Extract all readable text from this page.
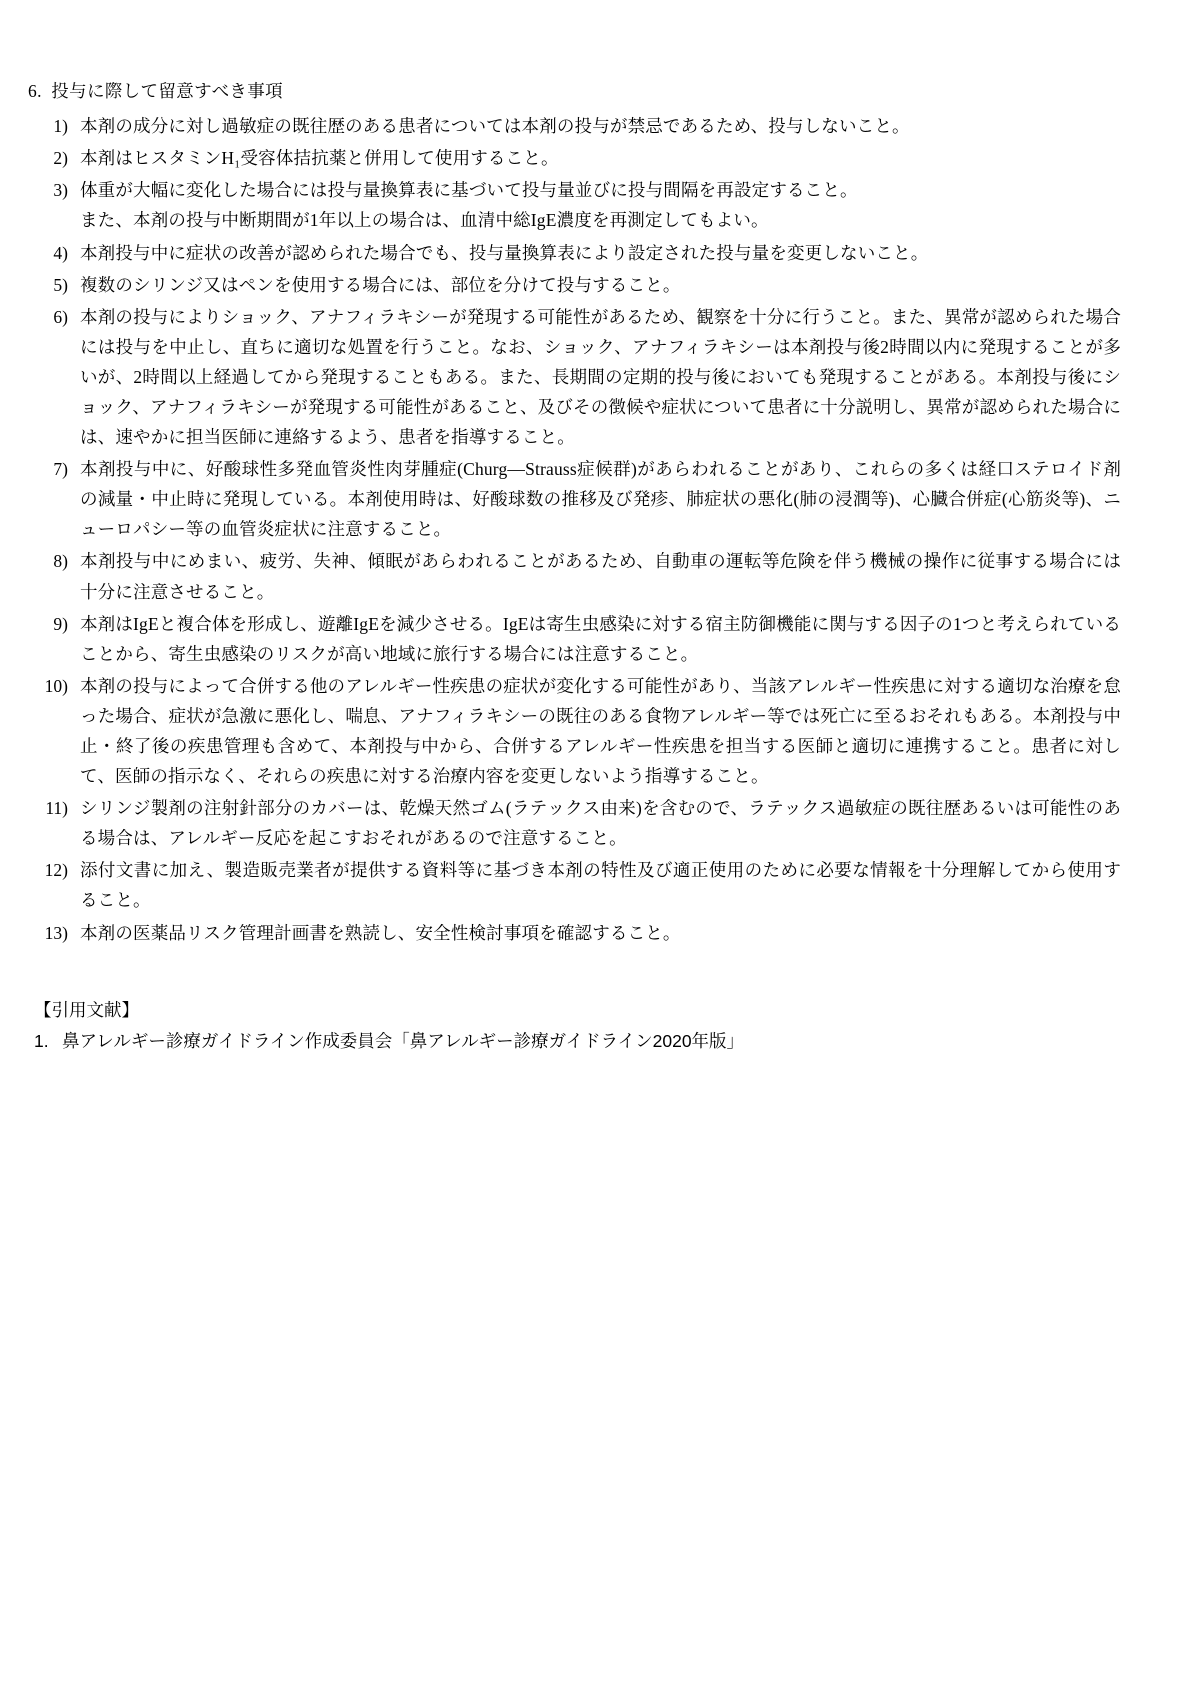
6. 投与に際して留意すべき事項
1) 本剤の成分に対し過敏症の既往歴のある患者については本剤の投与が禁忌であるため、投与しないこと。

2) 本剤はヒスタミンH₁受容体拮抗薬と併用して使用すること。

3) 体重が大幅に変化した場合には投与量換算表に基づいて投与量並びに投与間隔を再設定すること。

また、本剤の投与中断期間が1年以上の場合は、血清中総IgE濃度を再測定してもよい。

4) 本剤投与中に症状の改善が認められた場合でも、投与量換算表により設定された投与量を変更しないこと。

5) 複数のシリンジ又はペンを使用する場合には、部位を分けて投与すること。

6) 本剤の投与によりショック、アナフィラキシーが発現する可能性があるため、観察を十分に行うこと。また、異常が認められた場合には投与を中止し、直ちに適切な処置を行うこと。なお、ショック、アナフィラキシーは本剤投与後2時間以内に発現することが多いが、2時間以上経過してから発現することもある。また、長期間の定期的投与後においても発現することがある。本剤投与後にショック、アナフィラキシーが発現する可能性があること、及びその徴候や症状について患者に十分説明し、異常が認められた場合には、速やかに担当医師に連絡するよう、患者を指導すること。

7) 本剤投与中に、好酸球性多発血管炎性肉芽腫症(Churg—Strauss症候群)があらわれることがあり、これらの多くは経口ステロイド剤の減量・中止時に発現している。本剤使用時は、好酸球数の推移及び発疹、肺症状の悪化(肺の浸潤等)、心臓合併症(心筋炎等)、ニューロパシー等の血管炎症状に注意すること。

8) 本剤投与中にめまい、疲労、失神、傾眠があらわれることがあるため、自動車の運転等危険を伴う機械の操作に従事する場合には十分に注意させること。

9) 本剤はIgEと複合体を形成し、遊離IgEを減少させる。IgEは寄生虫感染に対する宿主防御機能に関与する因子の1つと考えられていることから、寄生虫感染のリスクが高い地域に旅行する場合には注意すること。

10) 本剤の投与によって合併する他のアレルギー性疾患の症状が変化する可能性があり、当該アレルギー性疾患に対する適切な治療を怠った場合、症状が急激に悪化し、喘息、アナフィラキシーの既往のある食物アレルギー等では死亡に至るおそれもある。本剤投与中止・終了後の疾患管理も含めて、本剤投与中から、合併するアレルギー性疾患を担当する医師と適切に連携すること。患者に対して、医師の指示なく、それらの疾患に対する治療内容を変更しないよう指導すること。

11) シリンジ製剤の注射針部分のカバーは、乾燥天然ゴム(ラテックス由来)を含むので、ラテックス過敏症の既往歴あるいは可能性のある場合は、アレルギー反応を起こすおそれがあるので注意すること。

12) 添付文書に加え、製造販売業者が提供する資料等に基づき本剤の特性及び適正使用のために必要な情報を十分理解してから使用すること。

13) 本剤の医薬品リスク管理計画書を熟読し、安全性検討事項を確認すること。

【引用文献】
1. 鼻アレルギー診療ガイドライン作成委員会「鼻アレルギー診療ガイドライン2020年版」
